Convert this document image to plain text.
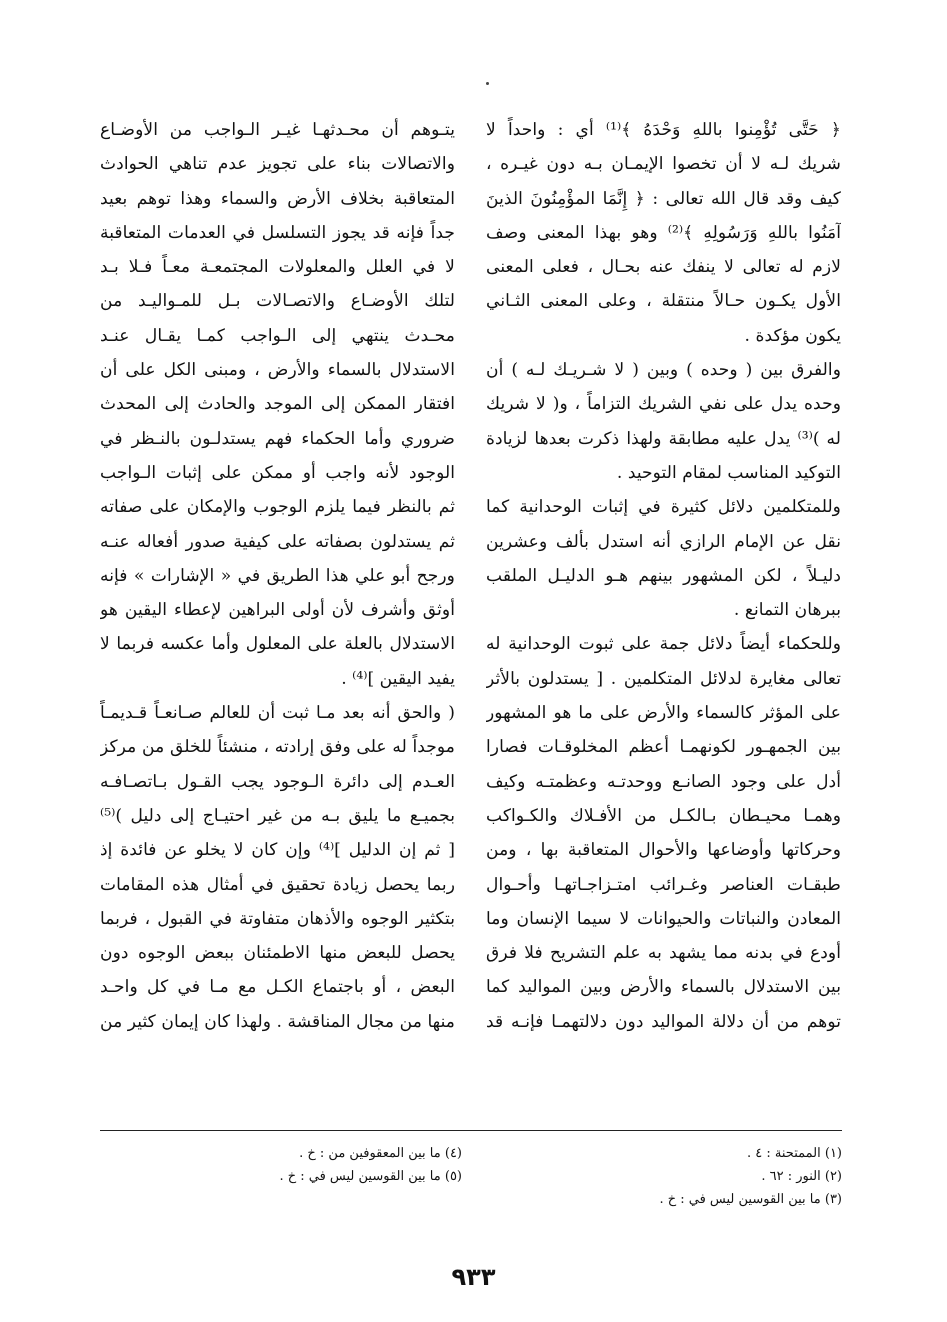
﴿ حَتَّى تُؤْمِنوا باللهِ وَحْدَهُ ﴾⁽¹⁾ أي : واحداً لا
شريك لـه لا أن تخصوا الإيمـان بـه دون غيـره ،
كيف وقد قال الله تعالى : ﴿ إِنَّمَا المؤْمِنُونَ الذينَ
آمَنُوا باللهِ وَرَسُولِهِ ﴾⁽²⁾ وهو بهذا المعنى وصف
لازم له تعالى لا ينفك عنه بحـال ، فعلى المعنى
الأول يكـون حـالاً منتقلة ، وعلى المعنى الثـاني
يكون مؤكدة .
والفرق بين ( وحده ) وبين ( لا شـريـك لـه ) أن
وحده يدل على نفي الشريك التزاماً ، و( لا شريك
له )⁽³⁾ يدل عليه مطابقة ولهذا ذكرت بعدها لزيادة
التوكيد المناسب لمقام التوحيد .
وللمتكلمين دلائل كثيرة في إثبات الوحدانية كما
نقل عن الإمام الرازي أنه استدل بألف وعشرين
دليـلاً ، لكن المشهور بينهم هـو الدليـل الملقب
ببرهان التمانع .
وللحكماء أيضاً دلائل جمة على ثبوت الوحدانية له
تعالى مغايرة لدلائل المتكلمين . [ يستدلون بالأثر
على المؤثر كالسماء والأرض على ما هو المشهور
بين الجمهـور لكونهمـا أعظم المخلوقـات فصارا
أدل على وجود الصانـع ووحدتـه وعظمتـه وكيف
وهمـا محيـطان بـالكـل من الأفـلاك والكـواكب
وحركاتها وأوضاعها والأحوال المتعاقبة بها ، ومن
طبقـات العناصر وغـرائب امتـزاجـاتهـا وأحـوال
المعادن والنباتات والحيوانات لا سيما الإنسان وما
أودع في بدنه مما يشهد به علم التشريح فلا فرق
بين الاستدلال بالسماء والأرض وبين المواليد كما
توهم من أن دلالة المواليد دون دلالتهمـا فإنـه قد
يتـوهم أن محـدثهـا غيـر الـواجب من الأوضـاع
والاتصالات بناء على تجويز عدم تناهي الحوادث
المتعاقبة بخلاف الأرض والسماء وهذا توهم بعيد
جداً فإنه قد يجوز التسلسل في العدمات المتعاقبة
لا في العلل والمعلولات المجتمعـة معـاً فـلا بـد
لتلك الأوضـاع والاتصـالات بـل للمـواليـد من
محـدث ينتهي إلى الـواجب كمـا يقـال عنـد
الاستدلال بالسماء والأرض ، ومبنى الكل على أن
افتقار الممكن إلى الموجد والحادث إلى المحدث
ضروري وأما الحكماء فهم يستدلـون بالنـظر في
الوجود لأنه واجب أو ممكن على إثبات الـواجب
ثم بالنظر فيما يلزم الوجوب والإمكان على صفاته
ثم يستدلون بصفاته على كيفية صدور أفعاله عنـه
ورجح أبو علي هذا الطريق في « الإشارات » فإنه
أوثق وأشرف لأن أولى البراهين لإعطاء اليقين هو
الاستدلال بالعلة على المعلول وأما عكسه فربما لا
يفيد اليقين ]⁽⁴⁾ .
( والحق أنه بعد مـا ثبت أن للعالم صـانعـاً قـديمـاً
موجداً له على وفق إرادته ، منشئاً للخلق من مركز
العـدم إلى دائرة الـوجود يجب القـول بـاتصـافـه
بجميـع ما يليق بـه من غير احتيـاج إلى دليل )⁽⁵⁾
[ ثم إن الدليل ]⁽⁴⁾ وإن كان لا يخلو عن فائدة إذ
ربما يحصل زيادة تحقيق في أمثال هذه المقامات
بتكثير الوجوه والأذهان متفاوتة في القبول ، فربما
يحصل للبعض منها الاطمئنان ببعض الوجوه دون
البعض ، أو باجتماع الكـل مع مـا في كل واحـد
منها من مجال المناقشة . ولهذا كان إيمان كثير من
(١) الممتحنة : ٤ .
(٢) النور : ٦٢ .
(٣) ما بين القوسين ليس في : خ .
(٤) ما بين المعقوفين من : خ .
(٥) ما بين القوسين ليس في : خ .
٩٣٣
